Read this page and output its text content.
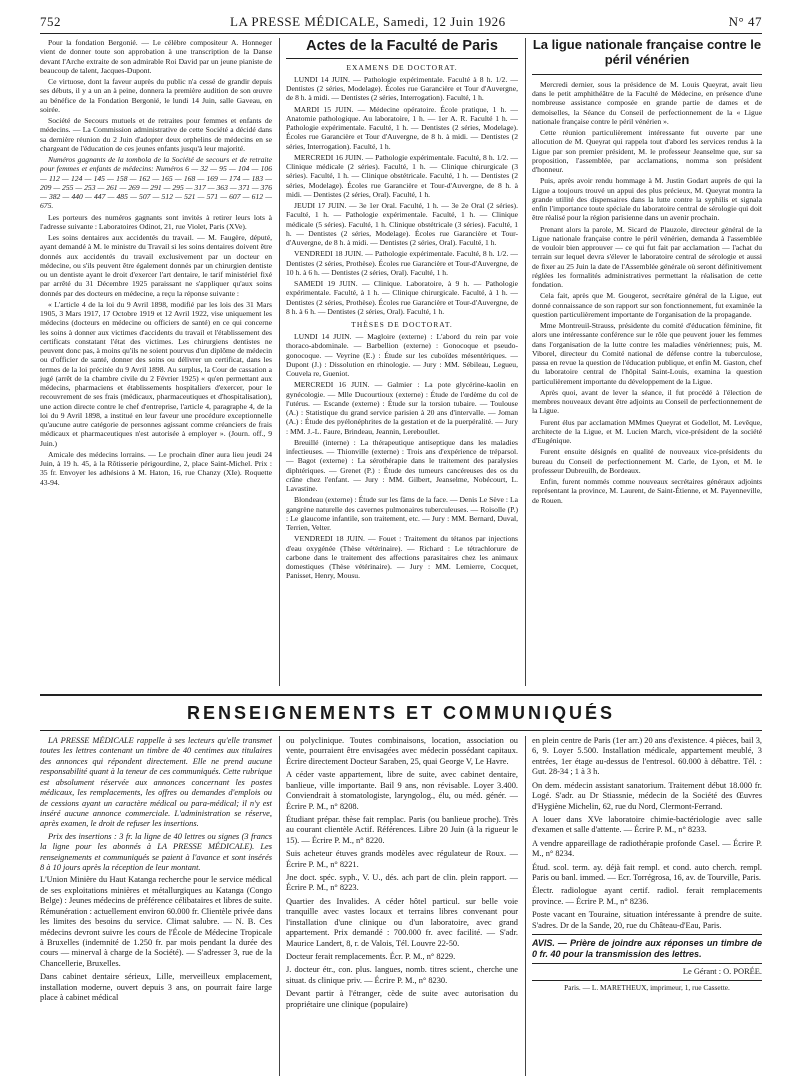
752	LA PRESSE MÉDICALE, Samedi, 12 Juin 1926	N° 47

Pour la fondation Bergonié. — Le célèbre compositeur A. Honneger vient de donner toute son approbation à une transcription de la Danse devant l'Arche extraite de son admirable Roi David par un jeune pianiste de beaucoup de talent, Jacques-Dupont.

Ce virtuose, dont la faveur auprès du public n'a cessé de grandir depuis ses débuts, il y a un an à peine, donnera la première audition de son œuvre au bénéfice de la Fondation Bergonié, le lundi 14 Juin, salle Gaveau, en soirée.

Société de Secours mutuels et de retraites pour femmes et enfants de médecins. — La Commission administrative de cette Société a décidé dans sa dernière réunion du 2 Juin d'adopter deux orphelins de médecins en se chargeant de l'éducation de ces jeunes enfants jusqu'à leur majorité.

Numéros gagnants de la tombola de la Société de secours et de retraite pour femmes et enfants de médecins: Numéros 6 — 32 — 95 — 104 — 106 — 112 — 124 — 145 — 158 — 162 — 165 — 168 — 169 — 174 — 183 — 209 — 255 — 253 — 261 — 269 — 291 — 295 — 317 — 363 — 371 — 376 — 382 — 440 — 447 — 485 — 507 — 512 — 521 — 571 — 607 — 612 — 675.

Les porteurs des numéros gagnants sont invités à retirer leurs lots à l'adresse suivante : Laboratoires Odinot, 21, rue Violet, Paris (XVe).

Les soins dentaires aux accidentés du travail. — M. Faugère, député, ayant demandé à M. le ministre du Travail si les soins dentaires doivent être donnés aux accidentés du travail exclusivement par un docteur en médecine, ou s'ils peuvent être également donnés par un chirurgien dentiste ou un dentiste ayant le droit d'exercer l'art dentaire, le tarif ministériel fixé par arrêté du 31 Décembre 1925 paraissant ne s'appliquer qu'aux soins donnés par des docteurs en médecine, a reçu la réponse suivante :

« L'article 4 de la loi du 9 Avril 1898, modifié par les lois des 31 Mars 1905, 3 Mars 1917, 17 Octobre 1919 et 12 Avril 1922, vise uniquement les médecins (docteurs en médecine ou officiers de santé) en ce qui concerne les soins à donner aux victimes d'accidents du travail et l'établissement des certificats constatant l'état des victimes. Les chirurgiens dentistes ne peuvent donc pas, à moins qu'ils ne soient pourvus d'un diplôme de médecin ou d'officier de santé, donner des soins ou délivrer un certificat, dans les termes de la loi précitée du 9 Avril 1898. Au surplus, la Cour de cassation a jugé (arrêt de la chambre civile du 2 Février 1925) « qu'en permettant aux médecins, pharmaciens et établissements hospitaliers d'exercer, pour le recouvrement de ses frais (médicaux, pharmaceutiques et d'hospitalisation), une action directe contre le chef d'entreprise, l'article 4, paragraphe 4, de la loi du 9 Avril 1898, a institué en leur faveur une procédure exceptionnelle qu'aucune autre catégorie de personnes agissant comme créanciers de frais médicaux et pharmaceutiques n'est autorisée à employer ». (Journ. off., 9 Juin.)

Amicale des médecins lorrains. — Le prochain dîner aura lieu jeudi 24 Juin, à 19 h. 45, à la Rôtisserie périgourdine, 2, place Saint-Michel. Prix : 35 fr. Envoyer les adhésions à M. Haton, 16, rue Chanzy (XIe). Roquette 43-94.

Actes de la Faculté de Paris
EXAMENS DE DOCTORAT.

LUNDI 14 JUIN. — Pathologie expérimentale. Faculté à 8 h. 1/2. — Dentistes (2 séries, Modelage). Écoles rue Garancière et Tour d'Auvergne, de 8 h. à midi. — Dentistes (2 séries, Interrogation). Faculté, 1 h.

MARDI 15 JUIN. — Médecine opératoire. École pratique, 1 h. — Anatomie pathologique. Au laboratoire, 1 h. — 1er A. R. Faculté 1 h. — Pathologie expérimentale. Faculté, 1 h. — Dentistes (2 séries, Modelage). Écoles rue Garancière et Tour d'Auvergne, de 8 h. à midi. — Dentistes (2 séries, Interrogation). Faculté, 1 h.

MERCREDI 16 JUIN. — Pathologie expérimentale. Faculté, 8 h. 1/2. — Clinique médicale (2 séries). Faculté, 1 h. — Clinique chirurgicale (3 séries). Faculté, 1 h. — Clinique obstétricale. Faculté, 1 h. — Dentistes (2 séries, Modelage). Écoles rue Garancière et Tour-d'Auvergne, de 8 h. à midi. — Dentistes (2 séries, Oral). Faculté, 1 h.

JEUDI 17 JUIN. — 3e 1er Oral. Faculté, 1 h. — 3e 2e Oral (2 séries). Faculté, 1 h. — Pathologie expérimentale. Faculté, 1 h. — Clinique médicale (5 séries). Faculté, 1 h. Clinique obstétricale (3 séries). Faculté, 1 h. — Dentistes (2 séries, Modelage). Écoles rue Garancière et Tour-d'Auvergne, de 8 h. à midi. — Dentistes (2 séries, Oral). Faculté, 1 h.

VENDREDI 18 JUIN. — Pathologie expérimentale. Faculté, 8 h. 1/2. — Dentistes (2 séries, Prothèse). Écoles rue Garancière et Tour-d'Auvergne, de 10 h. à 6 h. — Dentistes (2 séries, Oral). Faculté, 1 h.

SAMEDI 19 JUIN. — Clinique. Laboratoire, à 9 h. — Pathologie expérimentale. Faculté, à 1 h. — Clinique chirurgicale. Faculté, à 1 h. — Dentistes (2 séries, Prothèse). Écoles rue Garancière et Tour-d'Auvergne, de 8 h. à 6 h. — Dentistes (2 séries, Oral). Faculté, 1 h.

THÈSES DE DOCTORAT.

LUNDI 14 JUIN. — Magloire (externe) : L'abord du rein par voie thoraco-abdominale. — Barbellion (externe) : Gonocoque et pseudo-gonocoque. — Veyrine (E.) : Étude sur les cuboïdes mésentériques. — Dupont (J.) : Dissolution en rhinologie. — Jury : MM. Sébileau, Legueu, Couvela re, Gueniot.

MERCREDI 16 JUIN. — Galmier : La pote glycérine-kaolin en gynécologie. — Mlle Ducourtioux (externe) : Étude de l'œdème du col de l'utérus. — Escande (externe) : Étude sur la torsion tubaire. — Toulouse (A.) : Statistique du grand service parisien à 20 ans d'intervalle. — Joman (A.) : Étude des pyélonéphrites de la gestation et de la puerpéralité. — Jury : MM. J.-L. Faure, Brindeau, Jeannin, Lereboullet.

Breuillé (interne) : La thérapeutique antiseptique dans les maladies infectieuses. — Thionville (externe) : Trois ans d'expérience de tréparsol. — Bagot (externe) : La sérothérapie dans le traitement des paralysies diphtériques. — Grenet (P.) : Étude des tumeurs cancéreuses des os du crâne chez l'enfant. — Jury : MM. Gilbert, Jeanselme, Nobécourt, L. Lavastine.

Blondeau (externe) : Étude sur les fäms de la face. — Denis Le Sève : La gangrène naturelle des cavernes pulmonaires tuberculeuses. — Roisolle (P.) : Le glaucome infantile, son traitement, etc. — Jury : MM. Bernard, Duval, Terrien, Velter.

VENDREDI 18 JUIN. — Fouet : Traitement du tétanos par injections d'eau oxygénée (Thèse vétérinaire). — Richard : Le tétrachlorure de carbone dans le traitement des affections parasitaires chez les animaux domestiques (Thèse vétérinaire). — Jury : MM. Lemierre, Cocquet, Panisset, Henry, Mousu.

La ligue nationale française contre le péril vénérien

Mercredi dernier, sous la présidence de M. Louis Queyrat, avait lieu dans le petit amphithéâtre de la Faculté de Médecine, en présence d'une nombreuse assistance composée en grande partie de dames et de demoiselles, la Séance du Conseil de perfectionnement de la « Ligue nationale française contre le péril vénérien ».

Cette réunion particulièrement intéressante fut ouverte par une allocution de M. Queyrat qui rappela tout d'abord les services rendus à la Ligue par son premier président, M. le professeur Jeanselme que, sur sa proposition, l'assemblée, par acclamations, nomma son président d'honneur.

Puis, après avoir rendu hommage à M. Justin Godart auprès de qui la Ligue a toujours trouvé un appui des plus précieux, M. Queyrat montra la grande utilité des dispensaires dans la lutte contre la syphilis et signala enfin l'importance toute spéciale du laboratoire central de sérologie qui doit être réalisé pour la région parisienne dans un avenir prochain.

Prenant alors la parole, M. Sicard de Plauzole, directeur général de la Ligue nationale française contre le péril vénérien, demanda à l'assemblée de vouloir bien approuver — ce qui fut fait par acclamation — l'achat du terrain sur lequel devra s'élever le laboratoire central de sérologie et aussi de fixer au 25 Juin la date de l'Assemblée générale où seront définitivement réglées les formalités administratives permettant la réalisation de cette fondation.

Cela fait, après que M. Gougerot, secrétaire général de la Ligue, eut donné connaissance de son rapport sur son fonctionnement, fut examinée la question particulièrement importante de l'organisation de la propagande.

Mme Montreuil-Strauss, présidente du comité d'éducation féminine, fit alors une intéressante conférence sur le rôle que peuvent jouer les femmes dans l'organisation de la lutte contre les maladies vénériennes; puis, M. Viborel, directeur du Comité national de défense contre la tuberculose, passa en revue la question de l'éducation publique, et enfin M. Gaston, chef du laboratoire central de l'hôpital Saint-Louis, examina la question particulièrement importante du développement de la Ligue.

Après quoi, avant de lever la séance, il fut procédé à l'élection de membres nouveaux devant être adjoints au Conseil de perfectionnement de la Ligue.

Furent élus par acclamation MMmes Queyrat et Godellot, M. Levêque, architecte de la Ligue, et M. Lucien March, vice-président de la société d'Eugénique.

Furent ensuite désignés en qualité de nouveaux vice-présidents du bureau du Conseil de perfectionnement M. Carle, de Lyon, et M. le professeur Dubreuilh, de Bordeaux.

Enfin, furent nommés comme nouveaux secrétaires généraux adjoints représentant la province, M. Laurent, de Saint-Étienne, et M. Payenneville, de Rouen.

RENSEIGNEMENTS ET COMMUNIQUÉS

LA PRESSE MÉDICALE rappelle à ses lecteurs qu'elle transmet toutes les lettres contenant un timbre de 40 centimes aux titulaires des annonces qui répondent directement. Elle ne prend aucune responsabilité quant à la teneur de ces communiqués. Cette rubrique est absolument réservée aux annonces concernant les postes médicaux, les remplacements, les offres ou demandes d'emplois ou de cessions ayant un caractère médical ou para-médical; il n'y est inséré aucune annonce commerciale. L'administration se réserve, après examen, le droit de refuser les insertions.

Prix des insertions : 3 fr. la ligne de 40 lettres ou signes (3 francs la ligne pour les abonnés à LA PRESSE MÉDICALE). Les renseignements et communiqués se paient à l'avance et sont insérés 8 à 10 jours après la réception de leur montant.

L'Union Minière du Haut Katanga recherche pour le service médical de ses exploitations minières et métallurgiques au Katanga (Congo Belge) : Jeunes médecins de préférence célibataires et libres de suite. Rémunération : actuellement environ 60.000 fr. Clientèle privée dans les limites des besoins du service. Climat salubre. — N. B. Ces médecins devront suivre les cours de l'École de Médecine Tropicale à Bruxelles (indemnité de 1.250 fr. par mois pendant la durée des cours — minerval à charge de la Société). — S'adresser 3, rue de la Chancellerie, Bruxelles.

Dans cabinet dentaire sérieux, Lille, merveilleux emplacement, installation moderne, ouvert depuis 3 ans, on pourrait faire large place à cabinet médical

ou polyclinique. Toutes combinaisons, location, association ou vente, pourraient être envisagées avec médecin possédant capitaux. Écrire directement Docteur Saraben, 25, quai George V, Le Havre.

A céder vaste appartement, libre de suite, avec cabinet dentaire, banlieue, ville importante. Bail 9 ans, non révisable. Loyer 3.400. Conviendrait à stomatologiste, laryngolog., élu, ou méd. génér. — Écrire P. M., n° 8208.

Étudiant prépar. thèse fait remplac. Paris (ou banlieue proche). Très au courant clientèle Actif. Références. Libre 20 Juin (à la rigueur le 15). — Écrire P. M., n° 8220.

Suis acheteur étuves grands modèles avec régulateur de Roux. — Écrire P. M., n° 8221.

Jne doct. spéc. syph., V. U., dés. ach part de clin. plein rapport. — Écrire P. M., n° 8223.

Quartier des Invalides. A céder hôtel particul. sur belle voie tranquille avec vastes locaux et terrains libres convenant pour l'installation d'une clinique ou d'un laboratoire, avec grand appartement. Prix demandé : 700.000 fr. avec facilité. — S'adr. Maurice Landert, 8, r. de Valois, Tél. Louvre 22-50.

Docteur ferait remplacements. Écr. P. M., n° 8229.

J. docteur étr., con. plus. langues, nomb. titres scient., cherche une situat. ds clinique priv. — Écrire P. M., n° 8230.

Devant partir à l'étranger, cède de suite avec autorisation du propriétaire une clinique (populaire)

en plein centre de Paris (1er arr.) 20 ans d'existence. 4 pièces, bail 3, 6, 9. Loyer 5.500. Installation médicale, appartement meublé, 3 entrées, 1er étage au-dessus de l'entresol. 60.000 à débattre. Tél. : Gut. 28-34 ; 1 à 3 h.

On dem. médecin assistant sanatorium. Traitement début 18.000 fr. Logé. S'adr. au Dr Stiassnie, médecin de la Société des Œuvres d'Hygiène Michelin, 62, rue du Nord, Clermont-Ferrand.

A louer dans XVe laboratoire chimie-bactériologie avec salle d'examen et salle d'attente. — Écrire P. M., n° 8233.

A vendre appareillage de radiothérapie profonde Casel. — Écrire P. M., n° 8234.

Étud. scol. term. ay. déjà fait rempl. et cond. auto cherch. rempl. Paris ou banl. immed. — Ecr. Torrégrosa, 16, av. de Tourville, Paris.

Électr. radiologue ayant certif. radiol. ferait remplacements province. — Écrire P. M., n° 8236.

Poste vacant en Touraine, situation intéressante à prendre de suite. S'adres. Dr de la Sande, 20, rue du Château-d'Eau, Paris.

AVIS. — Prière de joindre aux réponses un timbre de 0 fr. 40 pour la transmission des lettres.

Le Gérant : O. PORÉE.

Paris. — L. MARETHEUX, imprimeur, 1, rue Cassette.
